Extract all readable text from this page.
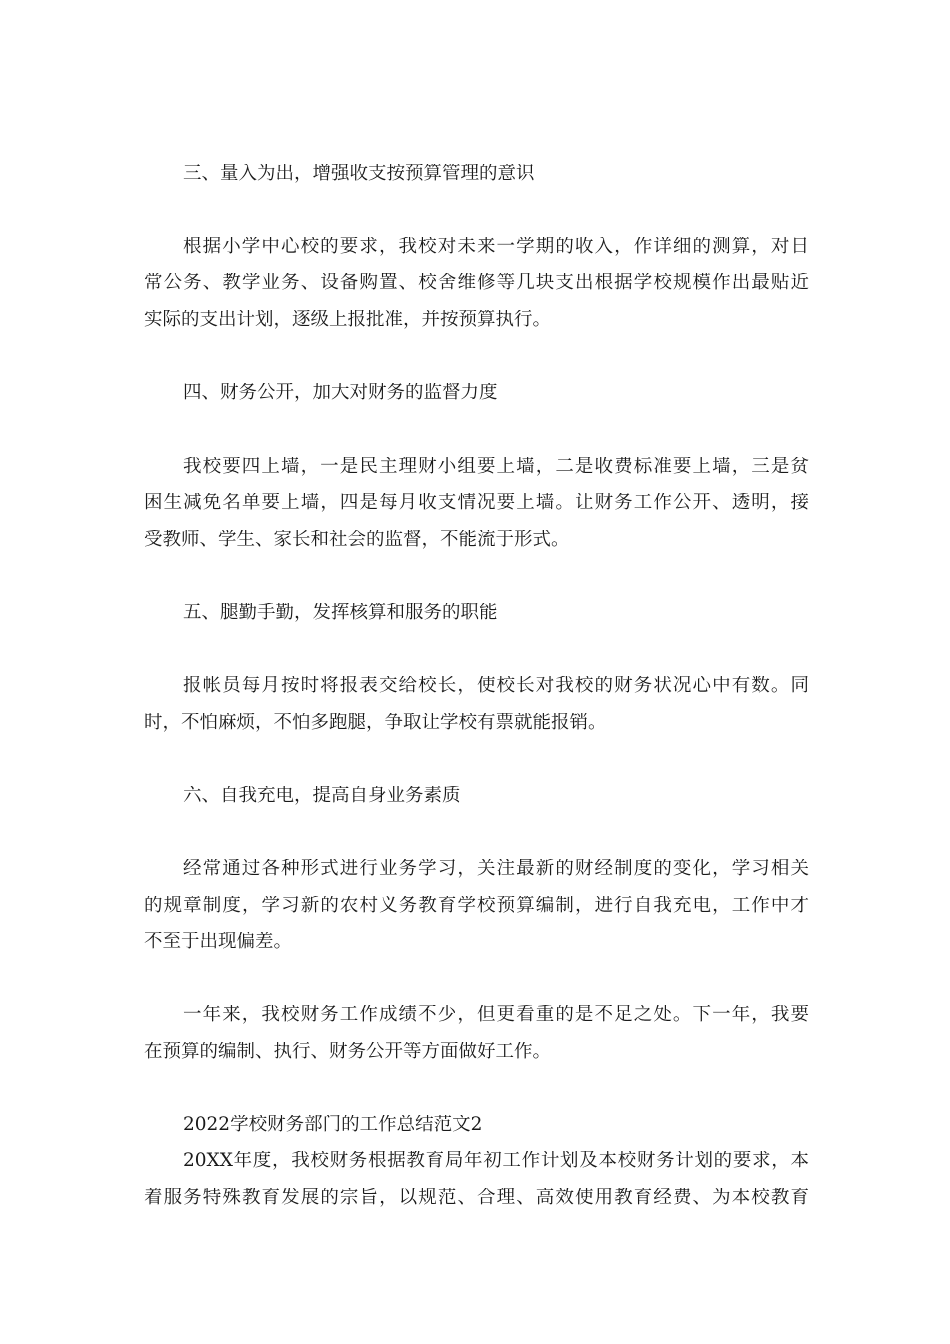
三、量入为出，增强收支按预算管理的意识
根据小学中心校的要求，我校对未来一学期的收入，作详细的测算，对日
常公务、教学业务、设备购置、校舍维修等几块支出根据学校规模作出最贴近
实际的支出计划，逐级上报批准，并按预算执行。
四、财务公开，加大对财务的监督力度
我校要四上墙，一是民主理财小组要上墙，二是收费标准要上墙，三是贫
困生减免名单要上墙，四是每月收支情况要上墙。让财务工作公开、透明，接
受教师、学生、家长和社会的监督，不能流于形式。
五、腿勤手勤，发挥核算和服务的职能
报帐员每月按时将报表交给校长，使校长对我校的财务状况心中有数。同
时，不怕麻烦，不怕多跑腿，争取让学校有票就能报销。
六、自我充电，提高自身业务素质
经常通过各种形式进行业务学习，关注最新的财经制度的变化，学习相关
的规章制度，学习新的农村义务教育学校预算编制，进行自我充电，工作中才
不至于出现偏差。
一年来，我校财务工作成绩不少，但更看重的是不足之处。下一年，我要
在预算的编制、执行、财务公开等方面做好工作。
2022学校财务部门的工作总结范文2
20XX年度，我校财务根据教育局年初工作计划及本校财务计划的要求，本
着服务特殊教育发展的宗旨，以规范、合理、高效使用教育经费、为本校教育
